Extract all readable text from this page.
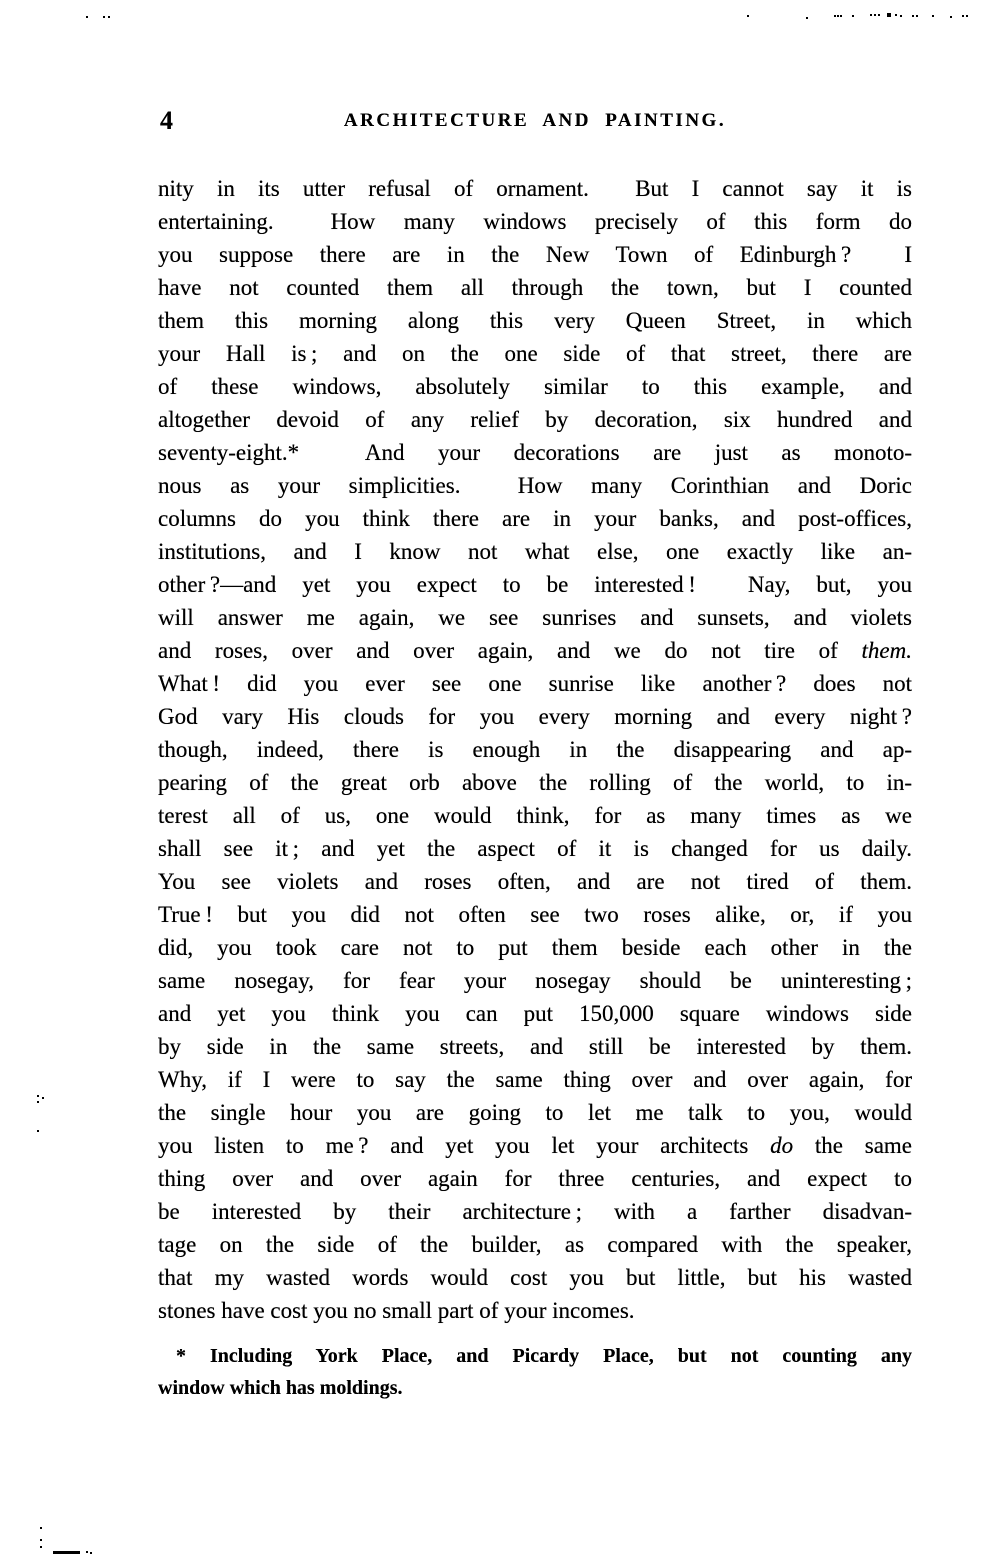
4	ARCHITECTURE AND PAINTING.
nity in its utter refusal of ornament.  But I cannot say it is
entertaining.  How many windows precisely of this form do
you suppose there are in the New Town of Edinburgh ?  I
have not counted them all through the town, but I counted
them this morning along this very Queen Street, in which
your Hall is ; and on the one side of that street, there are
of these windows, absolutely similar to this example, and
altogether devoid of any relief by decoration, six hundred and
seventy-eight.*  And your decorations are just as monoto-
nous as your simplicities.  How many Corinthian and Doric
columns do you think there are in your banks, and post-offices,
institutions, and I know not what else, one exactly like an-
other ?—and yet you expect to be interested !  Nay, but, you
will answer me again, we see sunrises and sunsets, and violets
and roses, over and over again, and we do not tire of them.
What ! did you ever see one sunrise like another ? does not
God vary His clouds for you every morning and every night ?
though, indeed, there is enough in the disappearing and ap-
pearing of the great orb above the rolling of the world, to in-
terest all of us, one would think, for as many times as we
shall see it ; and yet the aspect of it is changed for us daily.
You see violets and roses often, and are not tired of them.
True ! but you did not often see two roses alike, or, if you
did, you took care not to put them beside each other in the
same nosegay, for fear your nosegay should be uninteresting ;
and yet you think you can put 150,000 square windows side
by side in the same streets, and still be interested by them.
Why, if I were to say the same thing over and over again, for
the single hour you are going to let me talk to you, would
you listen to me ? and yet you let your architects do the same
thing over and over again for three centuries, and expect to
be interested by their architecture ; with a farther disadvan-
tage on the side of the builder, as compared with the speaker,
that my wasted words would cost you but little, but his wasted
stones have cost you no small part of your incomes.
* Including York Place, and Picardy Place, but not counting any
window which has moldings.
